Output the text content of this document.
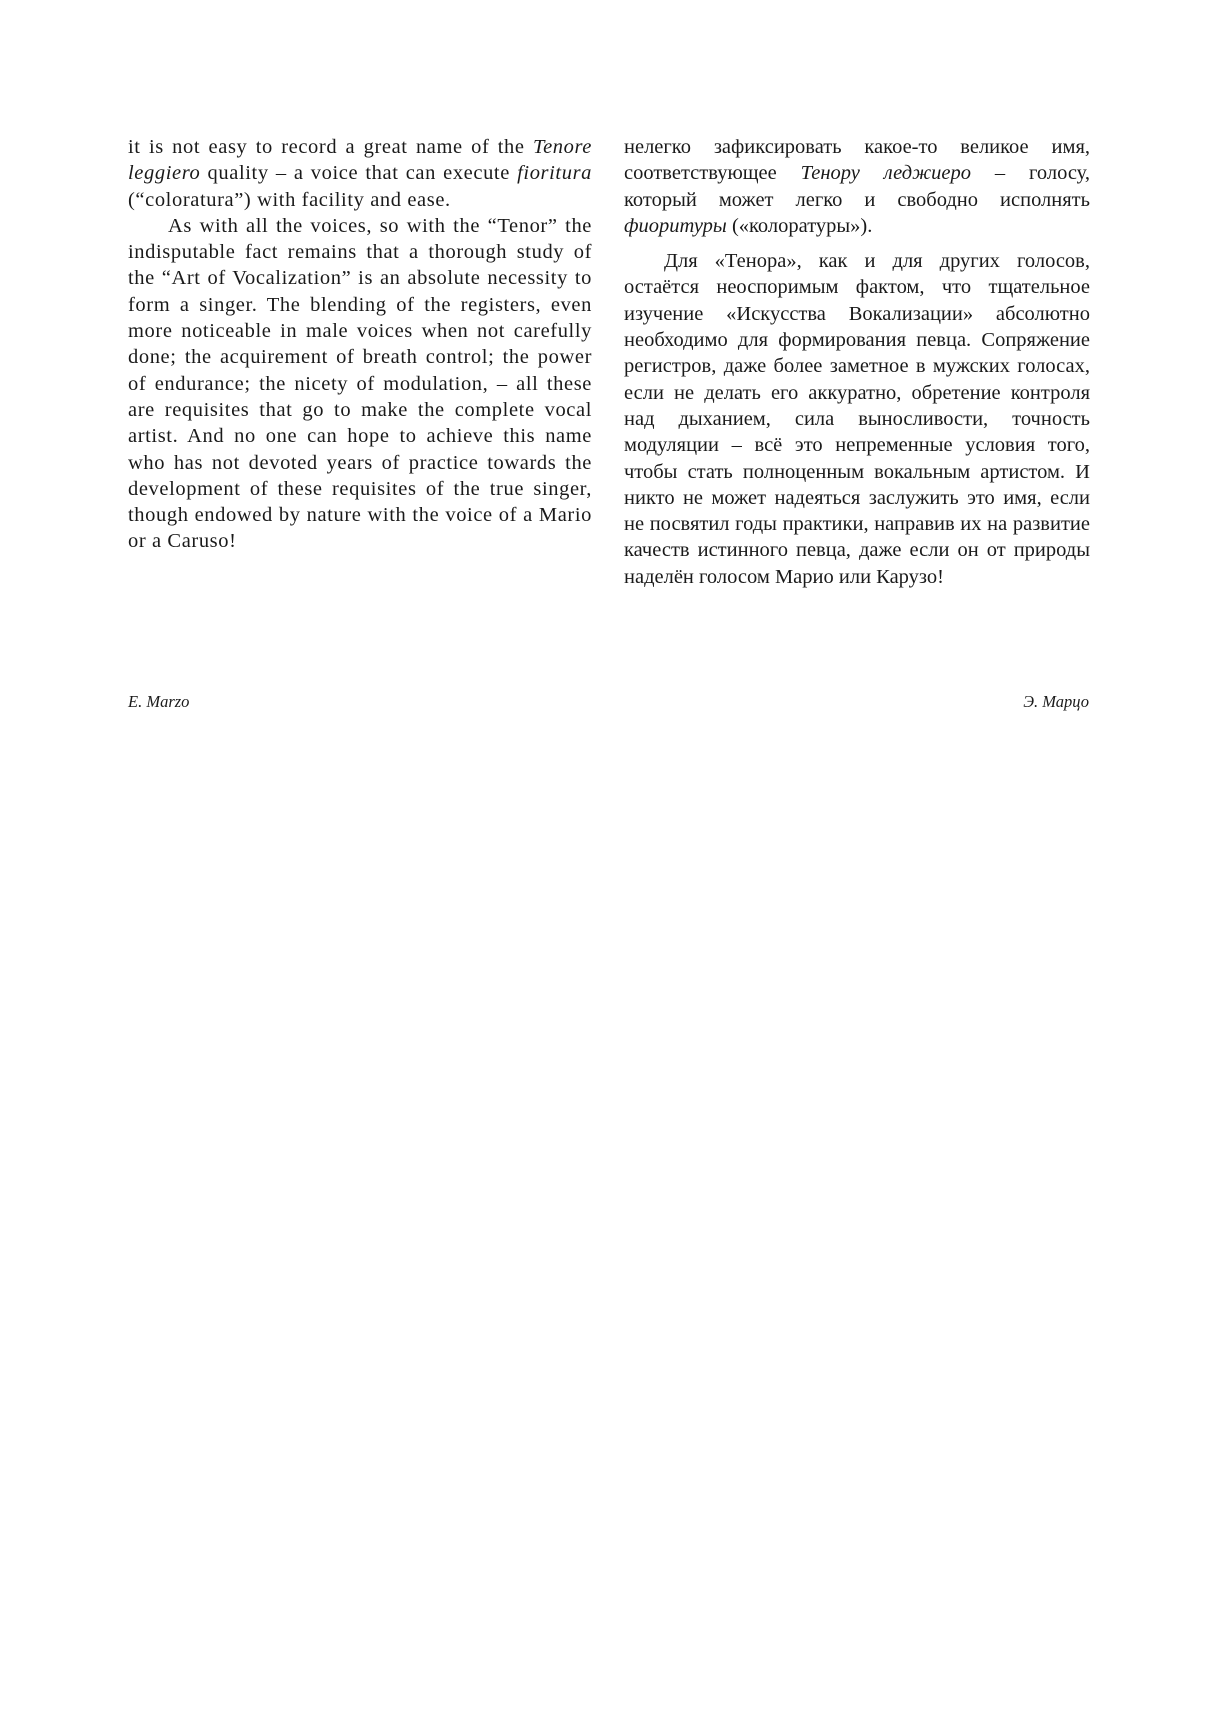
it is not easy to record a great name of the Tenore leggiero quality – a voice that can execute fioritura (“coloratura”) with facility and ease.

As with all the voices, so with the “Tenor” the indisputable fact remains that a thorough study of the “Art of Vocalization” is an absolute necessity to form a singer. The blending of the registers, even more noticeable in male voices when not carefully done; the acquirement of breath control; the power of endurance; the nicety of modulation, – all these are requisites that go to make the complete vocal artist. And no one can hope to achieve this name who has not devoted years of practice towards the development of these requisites of the true singer, though endowed by nature with the voice of a Mario or a Caruso!

нелегко зафиксировать какое-то великое имя, соответствующее Тенору леджиеро – голосу, который может легко и свободно исполнять фиоритуры («колоратуры»).

Для «Тенора», как и для других голосов, остаётся неоспоримым фактом, что тщательное изучение «Искусства Вокализации» абсолютно необходимо для формирования певца. Сопряжение регистров, даже более заметное в мужских голосах, если не делать его аккуратно, обретение контроля над дыханием, сила выносливости, точность модуляции – всё это непременные условия того, чтобы стать полноценным вокальным артистом. И никто не может надеяться заслужить это имя, если не посвятил годы практики, направив их на развитие качеств истинного певца, даже если он от природы наделён голосом Марио или Карузо!

E. Marzo	Э. Марцо
